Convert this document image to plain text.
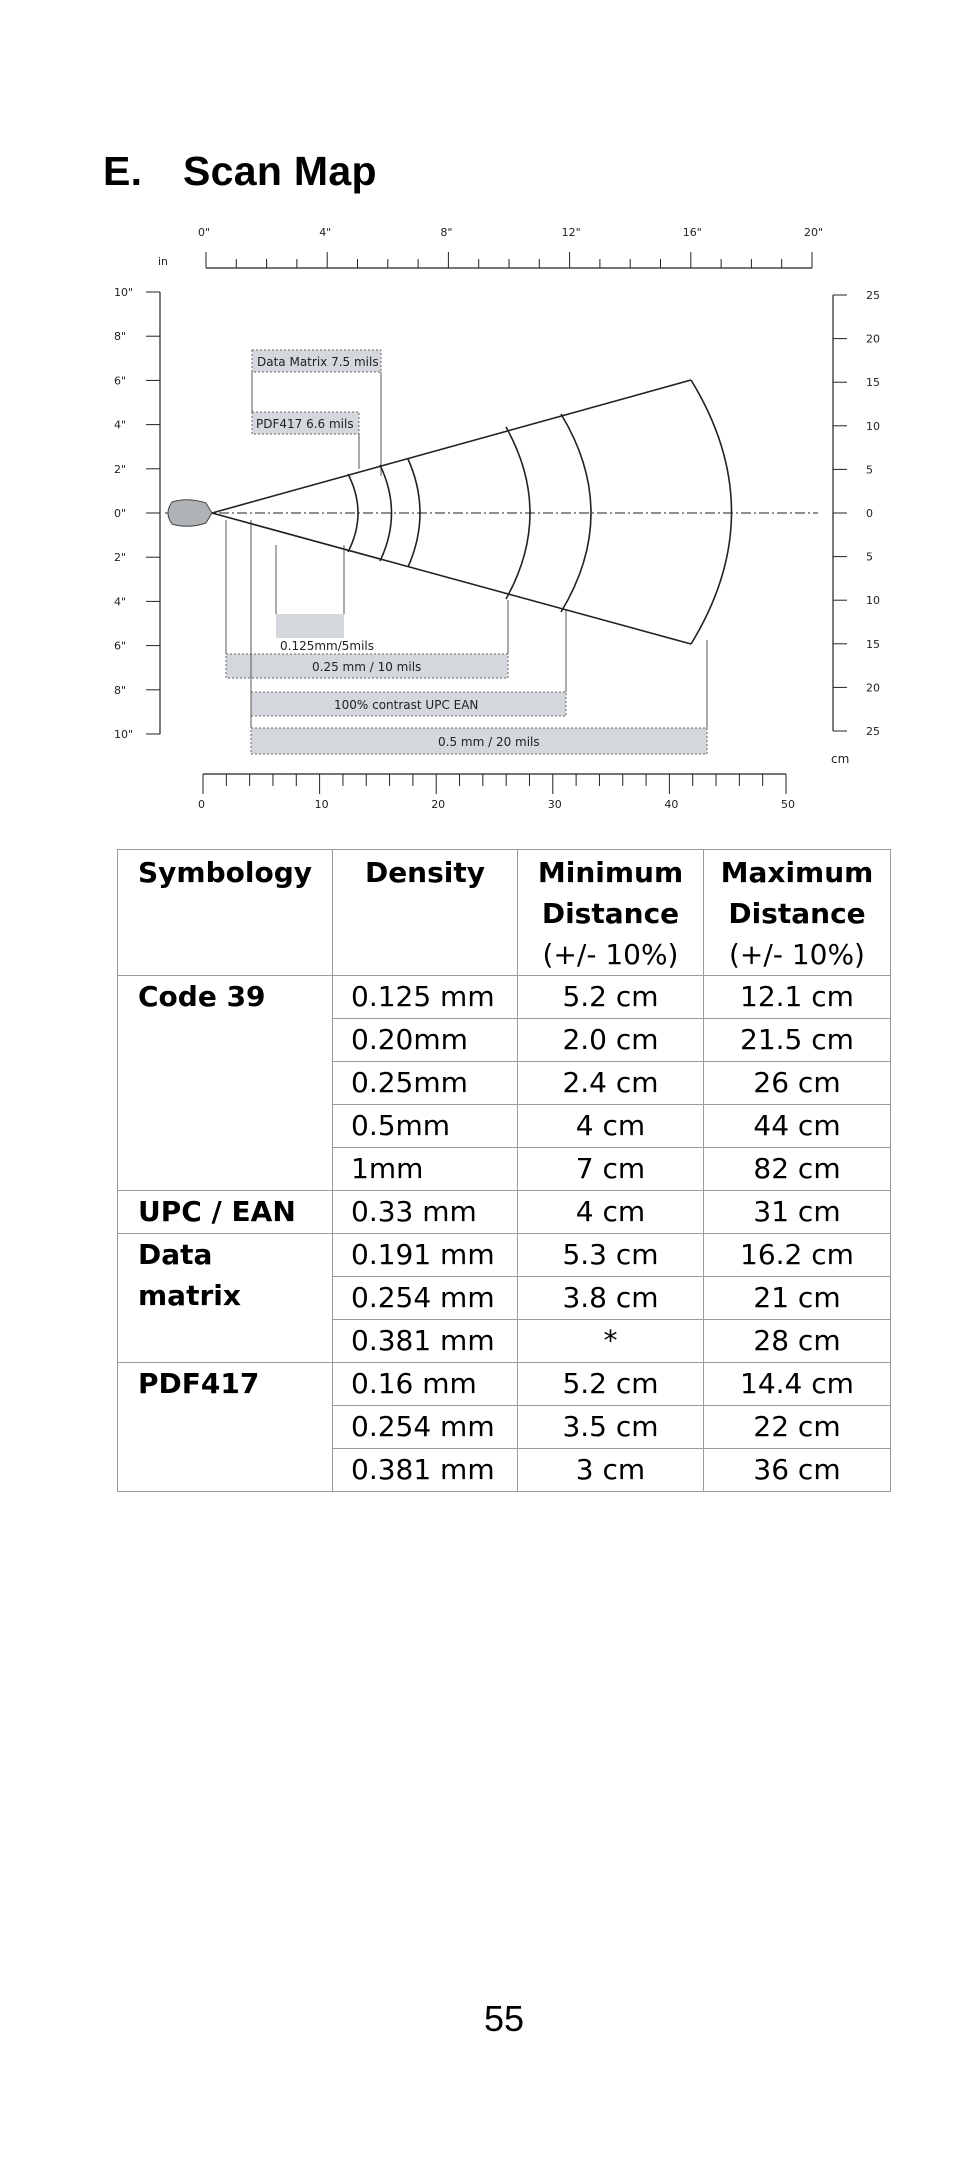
E. Scan Map
0"	4"	8"	12"	16"	20"
10"
8"
6"
4"
2"
0"
2"
4"
6"
8"
10"
25
20
15
10
5
0
5
10
15
20
25
0	10	20	30	40	50
in
cm
Data Matrix 7.5 mils
PDF417 6.6 mils
0.125mm/5mils
0.25 mm / 10 mils
100% contrast UPC EAN
0.5 mm / 20 mils
Symbology	Density	Minimum
Distance
(+/- 10%)	Maximum
Distance
(+/- 10%)

Code 39	0.125 mm	5.2 cm	12.1 cm
	0.20mm	2.0 cm	21.5 cm
	0.25mm	2.4 cm	26 cm
	0.5mm	4 cm	44 cm
	1mm	7 cm	82 cm
UPC / EAN	0.33 mm	4 cm	31 cm
Data matrix	0.191 mm	5.3 cm	16.2 cm
	0.254 mm	3.8 cm	21 cm
	0.381 mm	*	28 cm
PDF417	0.16 mm	5.2 cm	14.4 cm
	0.254 mm	3.5 cm	22 cm
	0.381 mm	3 cm	36 cm
55
